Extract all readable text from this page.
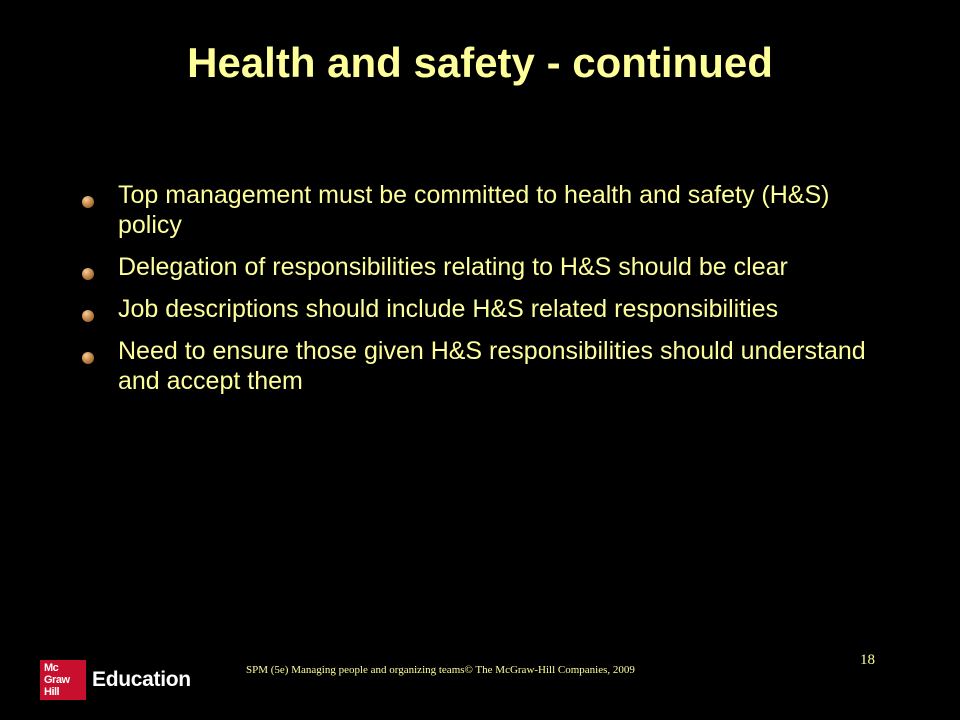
Health and safety - continued
Top management must be committed to health and safety (H&S) policy
Delegation of responsibilities relating to H&S should be clear
Job descriptions should include H&S related responsibilities
Need to ensure those given H&S responsibilities should understand and accept them
Mc
Graw
Hill
Education	SPM (5e) Managing people and organizing teams© The McGraw-Hill Companies, 2009
18
